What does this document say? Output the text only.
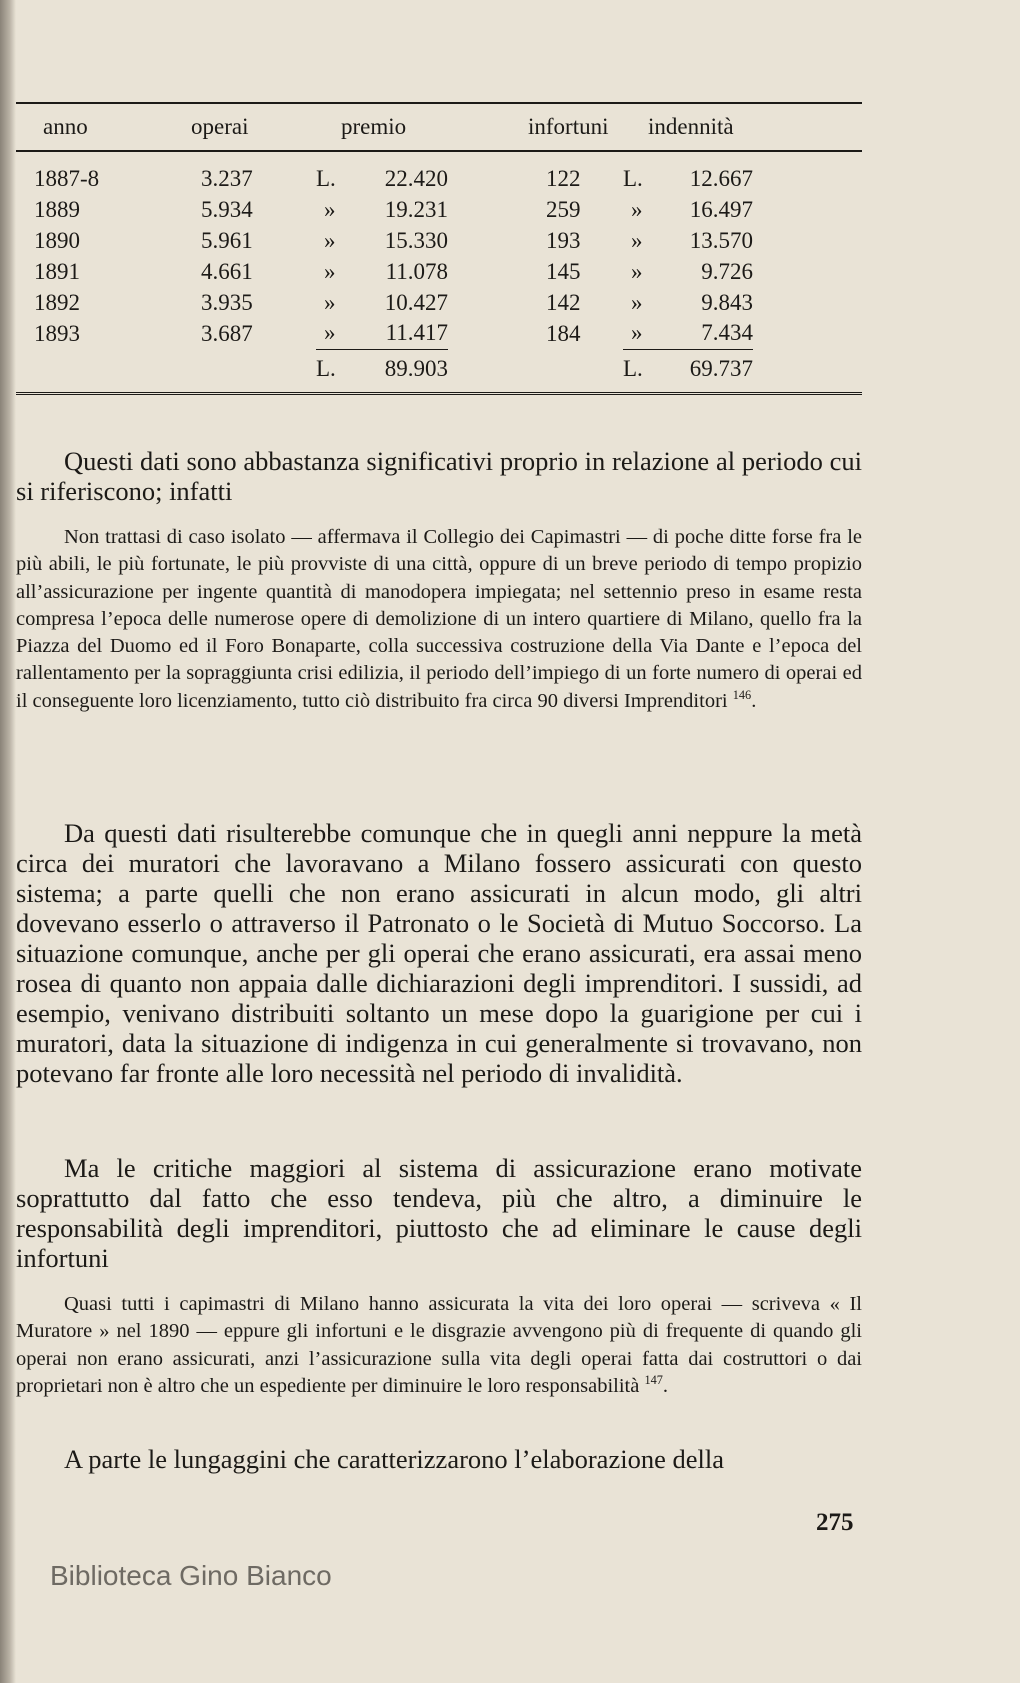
anno	operai	premio		infortuni	indennità		
1887-8	3.237	L.	22.420	122	L.	12.667	
1889	5.934	»	19.231	259	»	16.497	
1890	5.961	»	15.330	193	»	13.570	
1891	4.661	»	11.078	145	»	9.726	
1892	3.935	»	10.427	142	»	9.843	
1893	3.687	»	11.417	184	»	7.434	
		L.	89.903		L.	69.737	

Questi dati sono abbastanza significativi proprio in relazione al periodo cui si riferiscono; infatti

Non trattasi di caso isolato — affermava il Collegio dei Capimastri — di poche ditte forse fra le più abili, le più fortunate, le più provviste di una città, oppure di un breve periodo di tempo propizio all’assicurazione per ingente quantità di manodopera impiegata; nel settennio preso in esame resta compresa l’epoca delle numerose opere di demolizione di un intero quartiere di Milano, quello fra la Piazza del Duomo ed il Foro Bonaparte, colla successiva costruzione della Via Dante e l’epoca del rallentamento per la sopraggiunta crisi edilizia, il periodo dell’impiego di un forte numero di operai ed il conseguente loro licenziamento, tutto ciò distribuito fra circa 90 diversi Imprenditori $^{146}$.

Da questi dati risulterebbe comunque che in quegli anni neppure la metà circa dei muratori che lavoravano a Milano fossero assicurati con questo sistema; a parte quelli che non erano assicurati in alcun modo, gli altri dovevano esserlo o attraverso il Patronato o le Società di Mutuo Soccorso. La situazione comunque, anche per gli operai che erano assicurati, era assai meno rosea di quanto non appaia dalle dichiarazioni degli imprenditori. I sussidi, ad esempio, venivano distribuiti soltanto un mese dopo la guarigione per cui i muratori, data la situazione di indigenza in cui generalmente si trovavano, non potevano far fronte alle loro necessità nel periodo di invalidità.

Ma le critiche maggiori al sistema di assicurazione erano motivate soprattutto dal fatto che esso tendeva, più che altro, a diminuire le responsabilità degli imprenditori, piuttosto che ad eliminare le cause degli infortuni

Quasi tutti i capimastri di Milano hanno assicurata la vita dei loro operai — scriveva « Il Muratore » nel 1890 — eppure gli infortuni e le disgrazie avvengono più di frequente di quando gli operai non erano assicurati, anzi l’assicurazione sulla vita degli operai fatta dai costruttori o dai proprietari non è altro che un espediente per diminuire le loro responsabilità $^{147}$.

A parte le lungaggini che caratterizzarono l’elaborazione della

275
Biblioteca Gino Bianco
